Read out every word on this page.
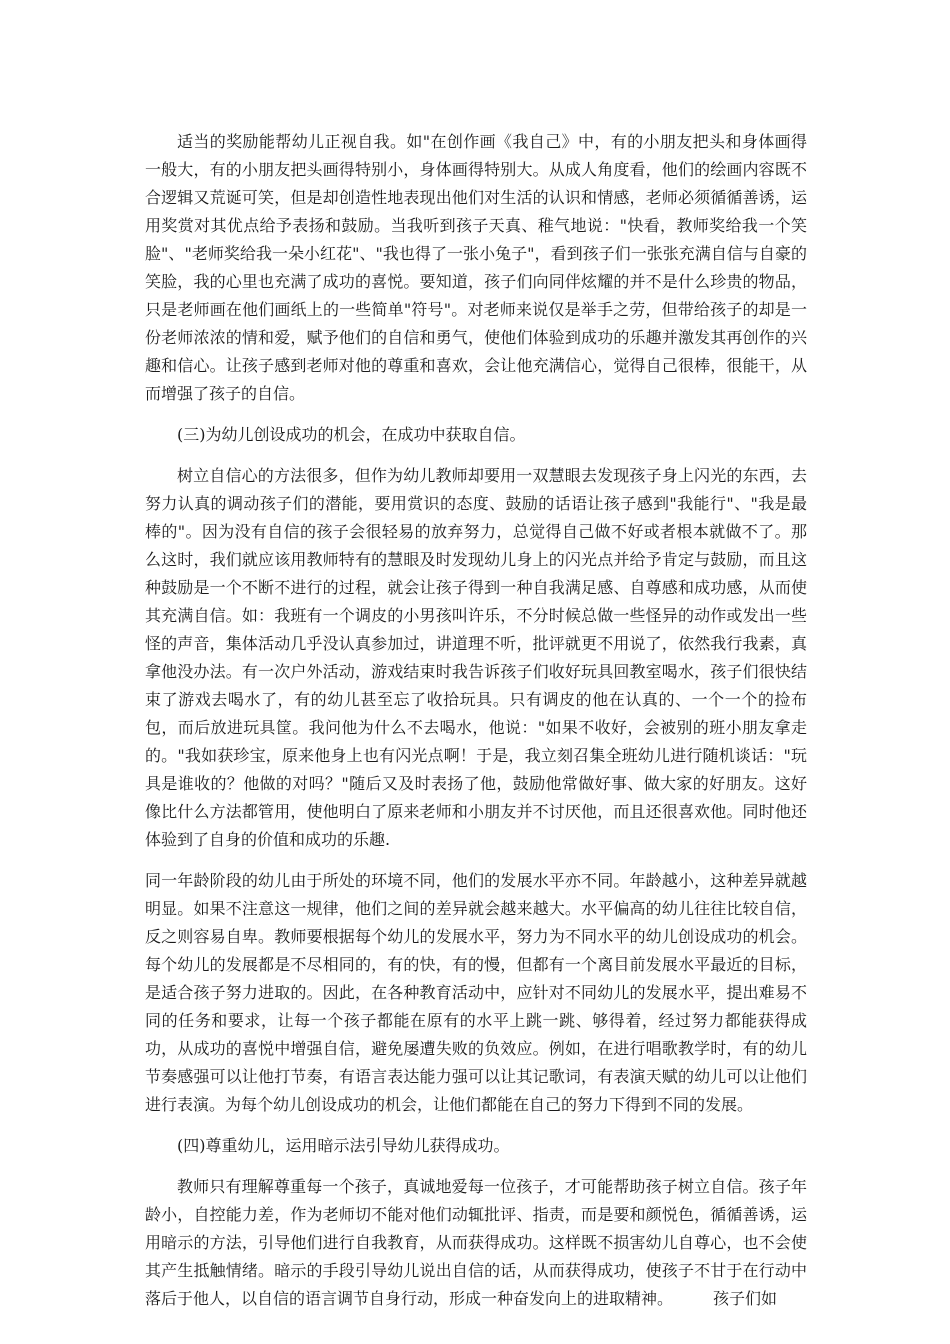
适当的奖励能帮幼儿正视自我。如"在创作画《我自己》中，有的小朋友把头和身体画得一般大，有的小朋友把头画得特别小，身体画得特别大。从成人角度看，他们的绘画内容既不合逻辑又荒诞可笑，但是却创造性地表现出他们对生活的认识和情感，老师必须循循善诱，运用奖赏对其优点给予表扬和鼓励。当我听到孩子天真、稚气地说："快看，教师奖给我一个笑脸"、"老师奖给我一朵小红花"、"我也得了一张小兔子"，看到孩子们一张张充满自信与自豪的笑脸，我的心里也充满了成功的喜悦。要知道，孩子们向同伴炫耀的并不是什么珍贵的物品，只是老师画在他们画纸上的一些简单"符号"。对老师来说仅是举手之劳，但带给孩子的却是一份老师浓浓的情和爱，赋予他们的自信和勇气，使他们体验到成功的乐趣并激发其再创作的兴趣和信心。让孩子感到老师对他的尊重和喜欢，会让他充满信心，觉得自己很棒，很能干，从而增强了孩子的自信。

(三)为幼儿创设成功的机会，在成功中获取自信。

树立自信心的方法很多，但作为幼儿教师却要用一双慧眼去发现孩子身上闪光的东西，去努力认真的调动孩子们的潜能，要用赏识的态度、鼓励的话语让孩子感到"我能行"、"我是最棒的"。因为没有自信的孩子会很轻易的放弃努力，总觉得自己做不好或者根本就做不了。那么这时，我们就应该用教师特有的慧眼及时发现幼儿身上的闪光点并给予肯定与鼓励，而且这种鼓励是一个不断不进行的过程，就会让孩子得到一种自我满足感、自尊感和成功感，从而使其充满自信。如：我班有一个调皮的小男孩叫许乐，不分时候总做一些怪异的动作或发出一些怪的声音，集体活动几乎没认真参加过，讲道理不听，批评就更不用说了，依然我行我素，真拿他没办法。有一次户外活动，游戏结束时我告诉孩子们收好玩具回教室喝水，孩子们很快结束了游戏去喝水了，有的幼儿甚至忘了收拾玩具。只有调皮的他在认真的、一个一个的捡布包，而后放进玩具筐。我问他为什么不去喝水，他说："如果不收好，会被别的班小朋友拿走的。"我如获珍宝，原来他身上也有闪光点啊！于是，我立刻召集全班幼儿进行随机谈话："玩具是谁收的？他做的对吗？"随后又及时表扬了他，鼓励他常做好事、做大家的好朋友。这好像比什么方法都管用，使他明白了原来老师和小朋友并不讨厌他，而且还很喜欢他。同时他还体验到了自身的价值和成功的乐趣.

同一年龄阶段的幼儿由于所处的环境不同，他们的发展水平亦不同。年龄越小，这种差异就越明显。如果不注意这一规律，他们之间的差异就会越来越大。水平偏高的幼儿往往比较自信，反之则容易自卑。教师要根据每个幼儿的发展水平，努力为不同水平的幼儿创设成功的机会。每个幼儿的发展都是不尽相同的，有的快，有的慢，但都有一个离目前发展水平最近的目标，是适合孩子努力进取的。因此，在各种教育活动中，应针对不同幼儿的发展水平，提出难易不同的任务和要求，让每一个孩子都能在原有的水平上跳一跳、够得着，经过努力都能获得成功，从成功的喜悦中增强自信，避免屡遭失败的负效应。例如，在进行唱歌教学时，有的幼儿节奏感强可以让他打节奏，有语言表达能力强可以让其记歌词，有表演天赋的幼儿可以让他们进行表演。为每个幼儿创设成功的机会，让他们都能在自己的努力下得到不同的发展。

(四)尊重幼儿，运用暗示法引导幼儿获得成功。

教师只有理解尊重每一个孩子，真诚地爱每一位孩子，才可能帮助孩子树立自信。孩子年龄小，自控能力差，作为老师切不能对他们动辄批评、指责，而是要和颜悦色，循循善诱，运用暗示的方法，引导他们进行自我教育，从而获得成功。这样既不损害幼儿自尊心，也不会使其产生抵触情绪。暗示的手段引导幼儿说出自信的话，从而获得成功，使孩子不甘于在行动中落后于他人，以自信的语言调节自身行动，形成一种奋发向上的进取精神。　　　孩子们如
